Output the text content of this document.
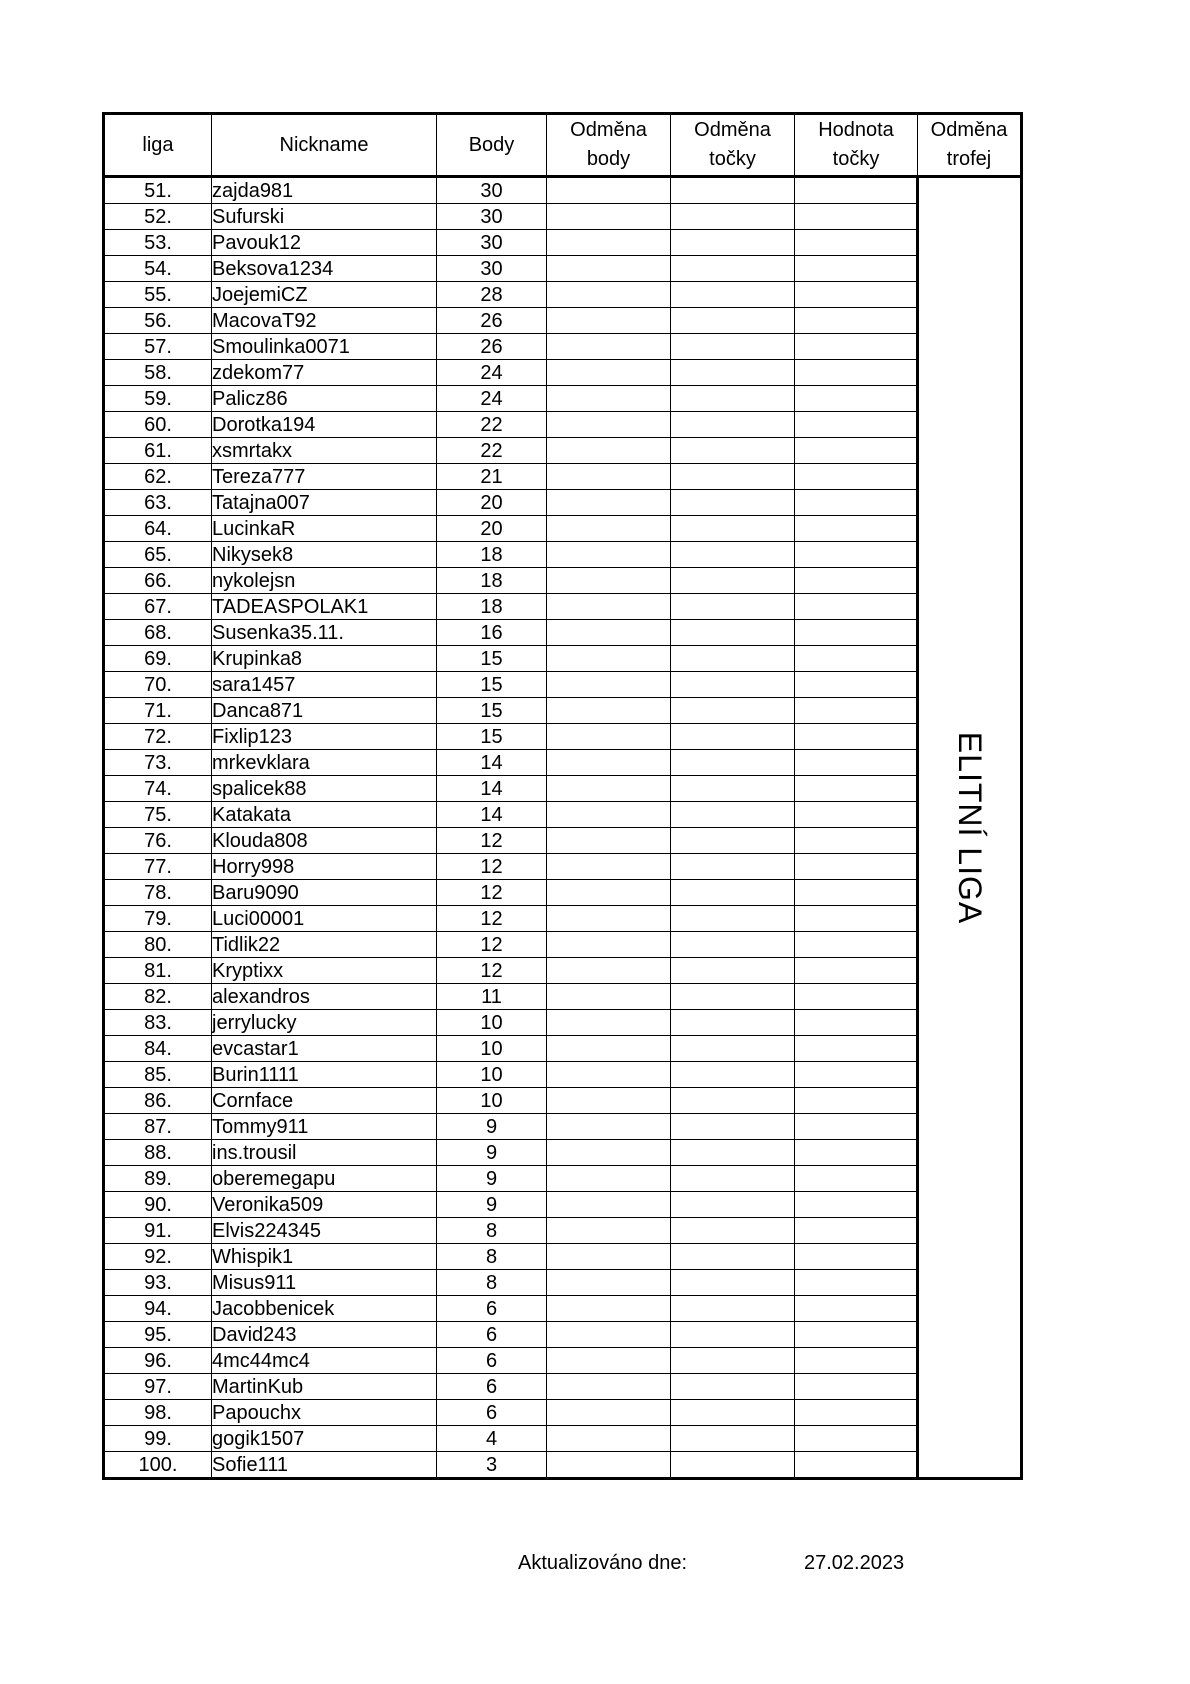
liga	Nickname	Body	Odměna body	Odměna točky	Hodnota točky	Odměna trofej
51.	zajda981	30				ELITNÍ LIGA

52.	Sufurski	30				
53.	Pavouk12	30				
54.	Beksova1234	30				
55.	JoejemiCZ	28				
56.	MacovaT92	26				
57.	Smoulinka0071	26				
58.	zdekom77	24				
59.	Palicz86	24				
60.	Dorotka194	22				
61.	xsmrtakx	22				
62.	Tereza777	21				
63.	Tatajna007	20				
64.	LucinkaR	20				
65.	Nikysek8	18				
66.	nykolejsn	18				
67.	TADEASPOLAK1	18				
68.	Susenka35.11.	16				
69.	Krupinka8	15				
70.	sara1457	15				
71.	Danca871	15				
72.	Fixlip123	15				
73.	mrkevklara	14				
74.	spalicek88	14				
75.	Katakata	14				
76.	Klouda808	12				
77.	Horry998	12				
78.	Baru9090	12				
79.	Luci00001	12				
80.	Tidlik22	12				
81.	Kryptixx	12				
82.	alexandros	11				
83.	jerrylucky	10				
84.	evcastar1	10				
85.	Burin1111	10				
86.	Cornface	10				
87.	Tommy911	9				
88.	ins.trousil	9				
89.	oberemegapu	9				
90.	Veronika509	9				
91.	Elvis224345	8				
92.	Whispik1	8				
93.	Misus911	8				
94.	Jacobbenicek	6				
95.	David243	6				
96.	4mc44mc4	6				
97.	MartinKub	6				
98.	Papouchx	6				
99.	gogik1507	4				
100.	Sofie111	3				
Aktualizováno dne:	27.02.2023
